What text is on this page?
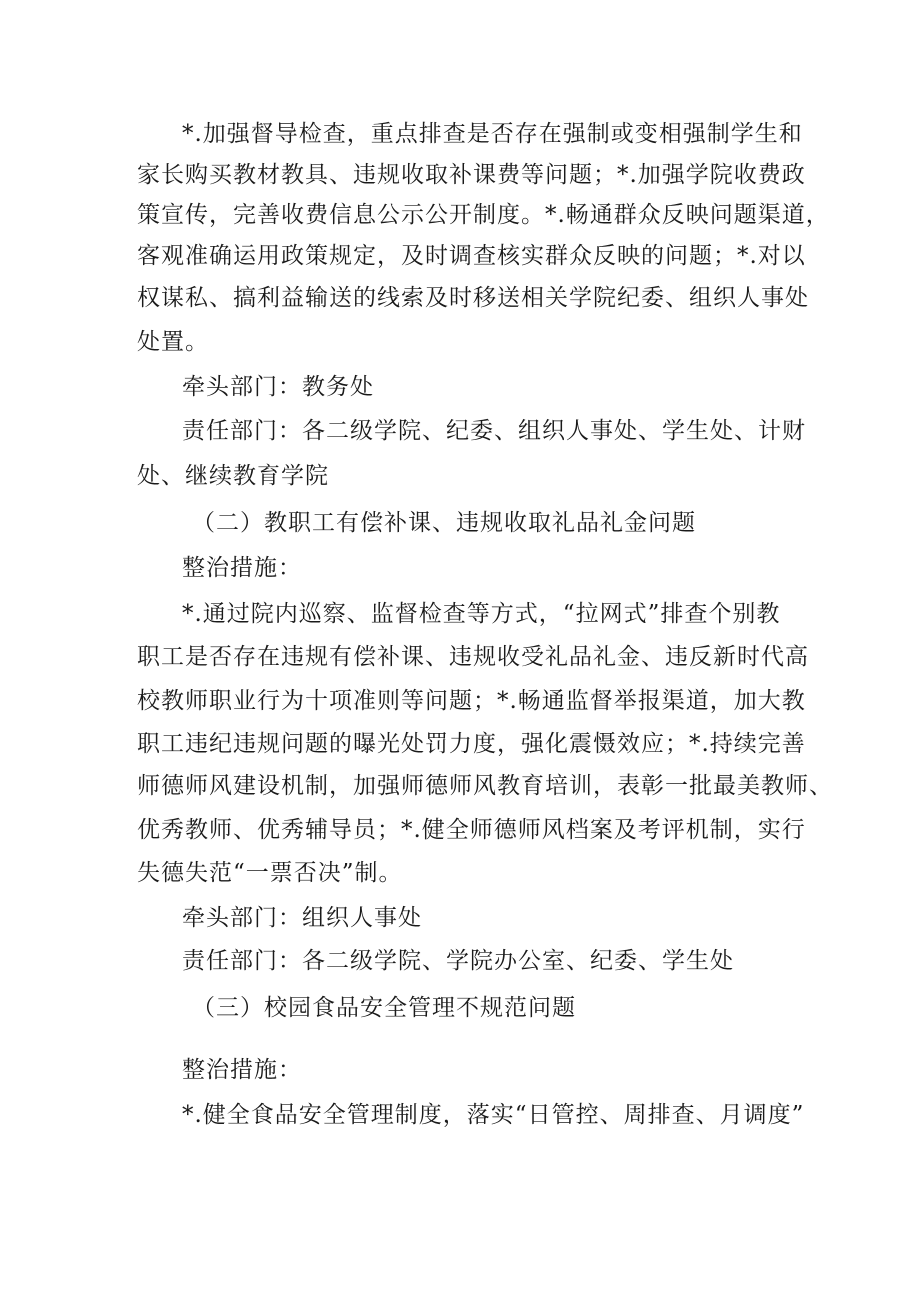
*.加强督导检查，重点排查是否存在强制或变相强制学生和
家长购买教材教具、违规收取补课费等问题；*.加强学院收费政
策宣传，完善收费信息公示公开制度。*.畅通群众反映问题渠道，
客观准确运用政策规定，及时调查核实群众反映的问题；*.对以
权谋私、搞利益输送的线索及时移送相关学院纪委、组织人事处
处置。
牵头部门：教务处
责任部门：各二级学院、纪委、组织人事处、学生处、计财
处、继续教育学院
（二）教职工有偿补课、违规收取礼品礼金问题
整治措施：
*.通过院内巡察、监督检查等方式，“拉网式”排查个别教
职工是否存在违规有偿补课、违规收受礼品礼金、违反新时代高
校教师职业行为十项准则等问题；*.畅通监督举报渠道，加大教
职工违纪违规问题的曝光处罚力度，强化震慑效应；*.持续完善
师德师风建设机制，加强师德师风教育培训，表彰一批最美教师、
优秀教师、优秀辅导员；*.健全师德师风档案及考评机制，实行
失德失范“一票否决”制。
牵头部门：组织人事处
责任部门：各二级学院、学院办公室、纪委、学生处
（三）校园食品安全管理不规范问题
整治措施：
*.健全食品安全管理制度，落实“日管控、周排查、月调度”
